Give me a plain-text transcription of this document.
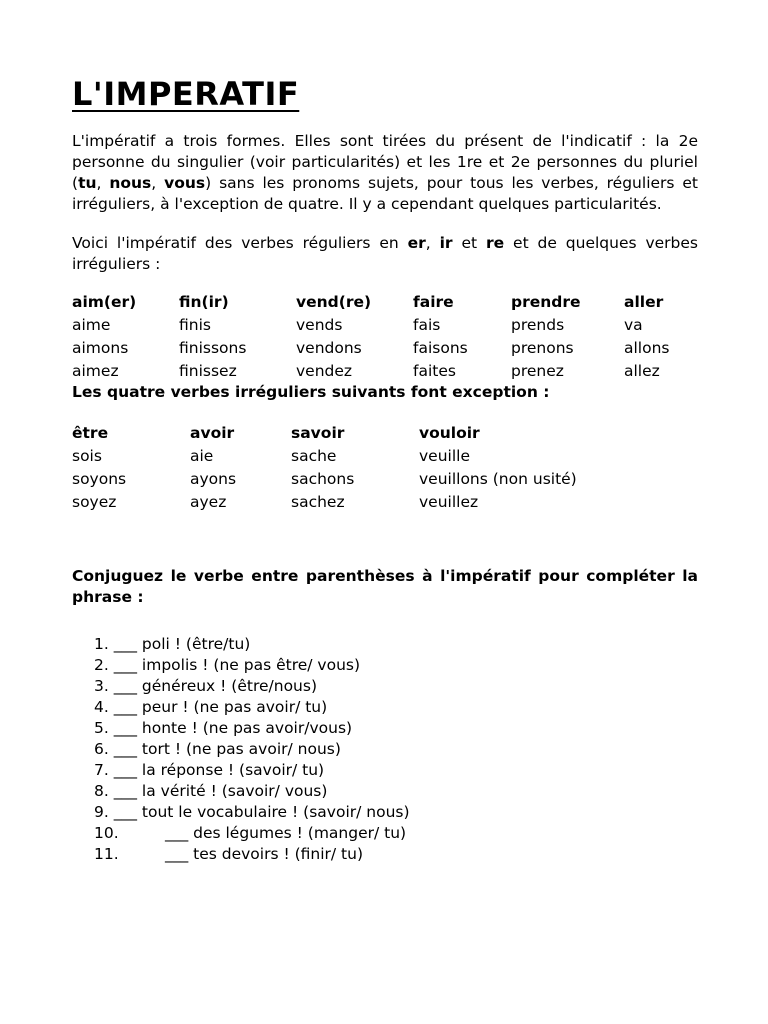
L'IMPERATIF

L'impératif a trois formes. Elles sont tirées du présent de l'indicatif : la 2e personne du singulier (voir particularités) et les 1re et 2e personnes du pluriel (tu, nous, vous) sans les pronoms sujets, pour tous les verbes, réguliers et irréguliers, à l'exception de quatre. Il y a cependant quelques particularités.

Voici l'impératif des verbes réguliers en er, ir et re et de quelques verbes irréguliers :

aim(er)
aime
aimons
aimez
fin(ir)
finis
finissons
finissez
vend(re)
vends
vendons
vendez
faire
fais
faisons
faites
prendre
prends
prenons
prenez
aller
va
allons
allez

Les quatre verbes irréguliers suivants font exception :

être
sois
soyons
soyez
avoir
aie
ayons
ayez
savoir
sache
sachons
sachez
vouloir
veuille
veuillons (non usité)
veuillez

Conjuguez le verbe entre parenthèses à l'impératif pour compléter la phrase :

1. ___ poli ! (être/tu)
2. ___ impolis ! (ne pas être/ vous)
3. ___ généreux ! (être/nous)
4. ___ peur ! (ne pas avoir/ tu)
5. ___ honte ! (ne pas avoir/vous)
6. ___ tort ! (ne pas avoir/ nous)
7. ___ la réponse ! (savoir/ tu)
8. ___ la vérité ! (savoir/ vous)
9. ___ tout le vocabulaire ! (savoir/ nous)
10.	___ des légumes ! (manger/ tu)
11.	___ tes devoirs ! (finir/ tu)
